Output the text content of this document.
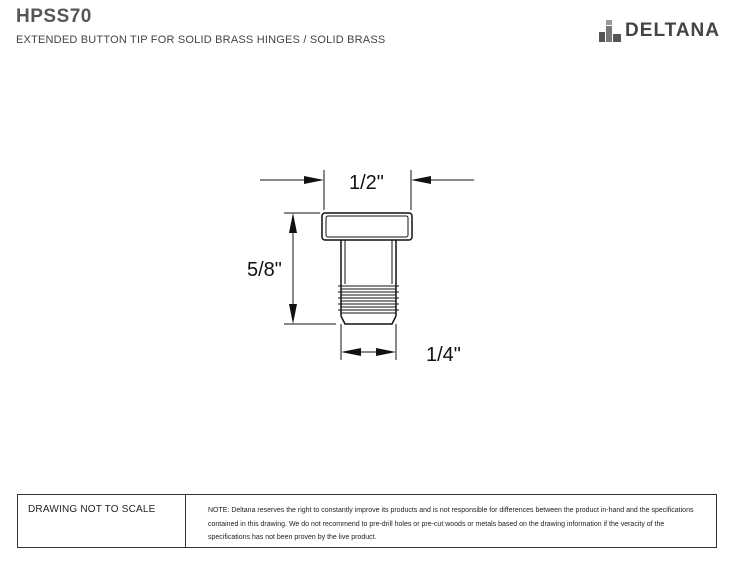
HPSS70
EXTENDED BUTTON TIP FOR SOLID BRASS HINGES / SOLID BRASS	DELTANA
1/2"
5/8"
1/4"
DRAWING NOT TO SCALE	NOTE: Deltana reserves the right to constantly improve its products and is not responsible for differences between the product in-hand and the specifications contained in this drawing. We do not recommend to pre-drill holes or pre-cut woods or metals based on the drawing information if the veracity of the specifications has not been proven by the live product.
